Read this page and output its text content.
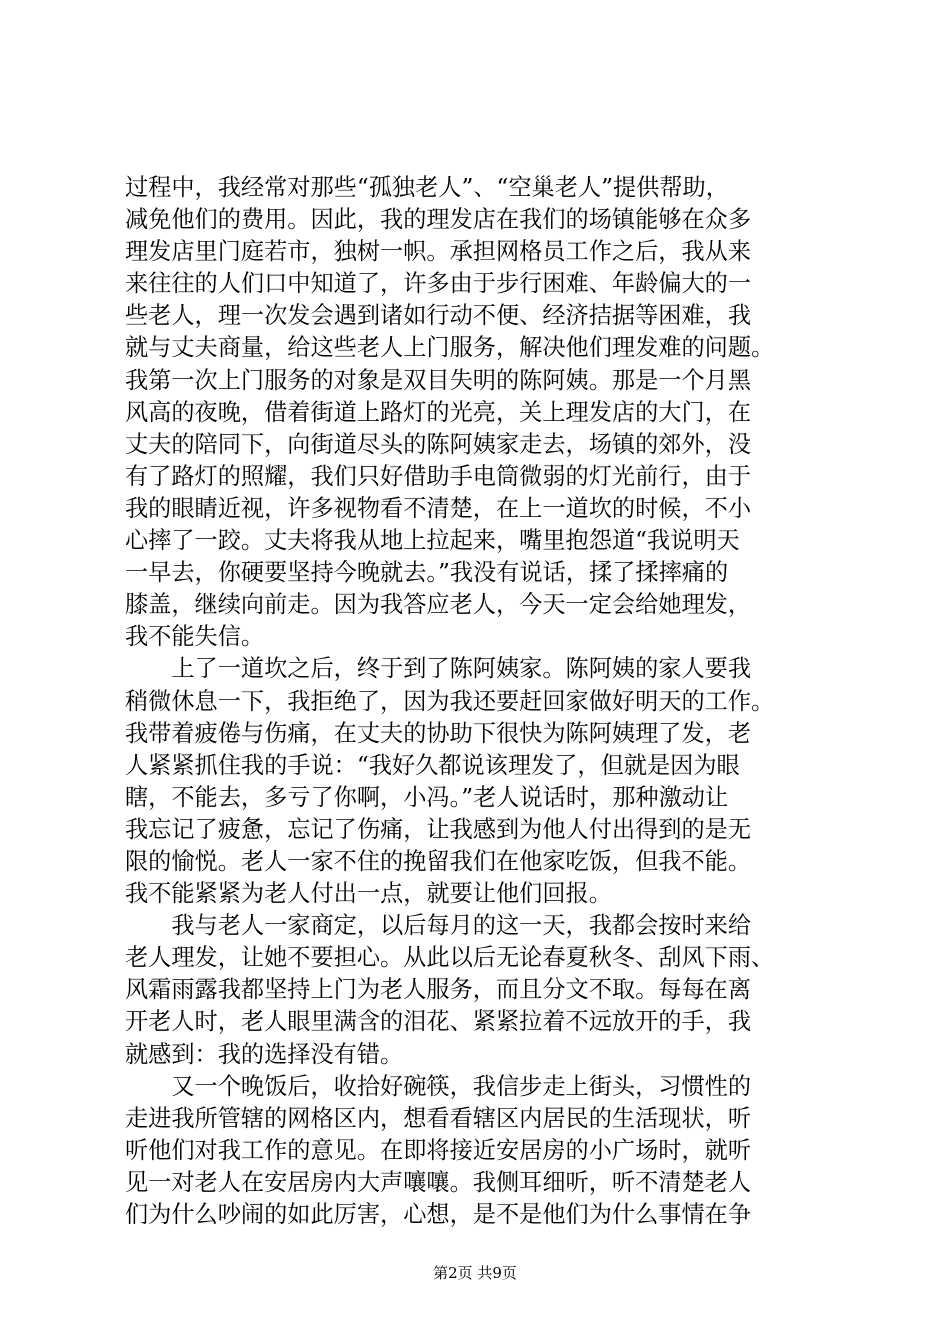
过程中，我经常对那些“孤独老人”、“空巢老人”提供帮助，
减免他们的费用。因此，我的理发店在我们的场镇能够在众多
理发店里门庭若市，独树一帜。承担网格员工作之后，我从来
来往往的人们口中知道了，许多由于步行困难、年龄偏大的一
些老人，理一次发会遇到诸如行动不便、经济拮据等困难，我
就与丈夫商量，给这些老人上门服务，解决他们理发难的问题。
我第一次上门服务的对象是双目失明的陈阿姨。那是一个月黑
风高的夜晚，借着街道上路灯的光亮，关上理发店的大门，在
丈夫的陪同下，向街道尽头的陈阿姨家走去，场镇的郊外，没
有了路灯的照耀，我们只好借助手电筒微弱的灯光前行，由于
我的眼睛近视，许多视物看不清楚，在上一道坎的时候，不小
心摔了一跤。丈夫将我从地上拉起来，嘴里抱怨道“我说明天
一早去，你硬要坚持今晚就去。”我没有说话，揉了揉摔痛的
膝盖，继续向前走。因为我答应老人，今天一定会给她理发，
我不能失信。
　　上了一道坎之后，终于到了陈阿姨家。陈阿姨的家人要我
稍微休息一下，我拒绝了，因为我还要赶回家做好明天的工作。
我带着疲倦与伤痛，在丈夫的协助下很快为陈阿姨理了发，老
人紧紧抓住我的手说：“我好久都说该理发了，但就是因为眼
瞎，不能去，多亏了你啊，小冯。”老人说话时，那种激动让
我忘记了疲惫，忘记了伤痛，让我感到为他人付出得到的是无
限的愉悦。老人一家不住的挽留我们在他家吃饭，但我不能。
我不能紧紧为老人付出一点，就要让他们回报。
　　我与老人一家商定，以后每月的这一天，我都会按时来给
老人理发，让她不要担心。从此以后无论春夏秋冬、刮风下雨、
风霜雨露我都坚持上门为老人服务，而且分文不取。每每在离
开老人时，老人眼里满含的泪花、紧紧拉着不远放开的手，我
就感到：我的选择没有错。
　　又一个晚饭后，收拾好碗筷，我信步走上街头，习惯性的
走进我所管辖的网格区内，想看看辖区内居民的生活现状，听
听他们对我工作的意见。在即将接近安居房的小广场时，就听
见一对老人在安居房内大声嚷嚷。我侧耳细听，听不清楚老人
们为什么吵闹的如此厉害，心想，是不是他们为什么事情在争
第2页 共9页
